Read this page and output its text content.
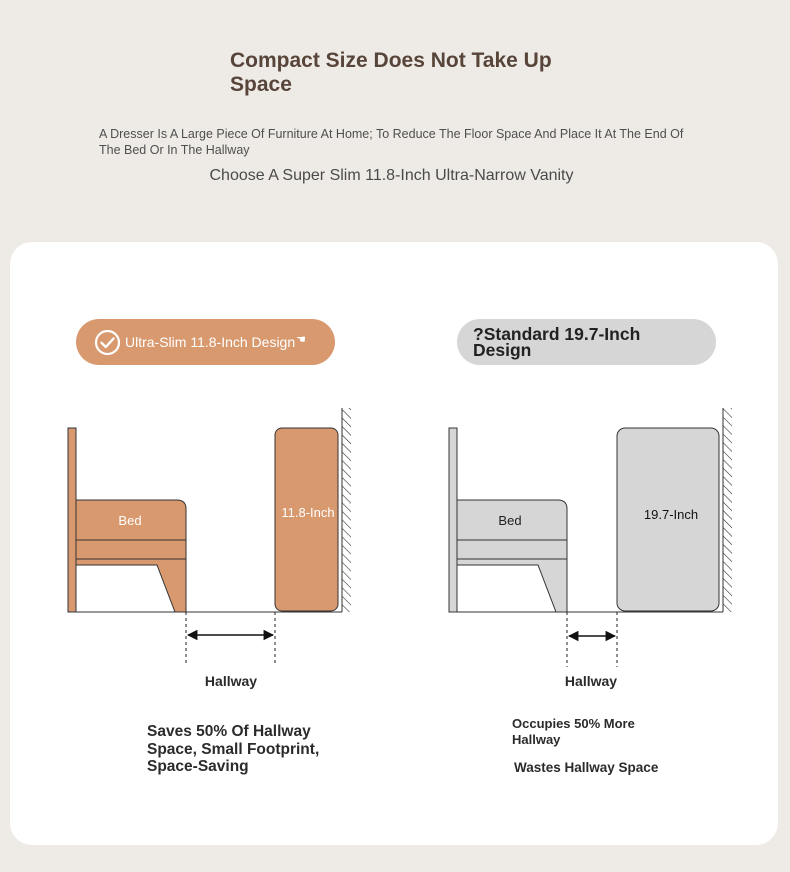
Compact Size Does Not Take Up Space

A Dresser Is A Large Piece Of Furniture At Home; To Reduce The Floor Space And Place It At The End Of The Bed Or In The Hallway

Choose A Super Slim 11.8-Inch Ultra-Narrow Vanity

Ultra-Slim 11.8-Inch Design ☚	?Standard 19.7-Inch Design
Bed
11.8-Inch
Hallway
Bed	19.7-Inch
Hallway

Saves 50% Of Hallway Space, Small Footprint, Space-Saving

Occupies 50% More Hallway

Wastes Hallway Space
